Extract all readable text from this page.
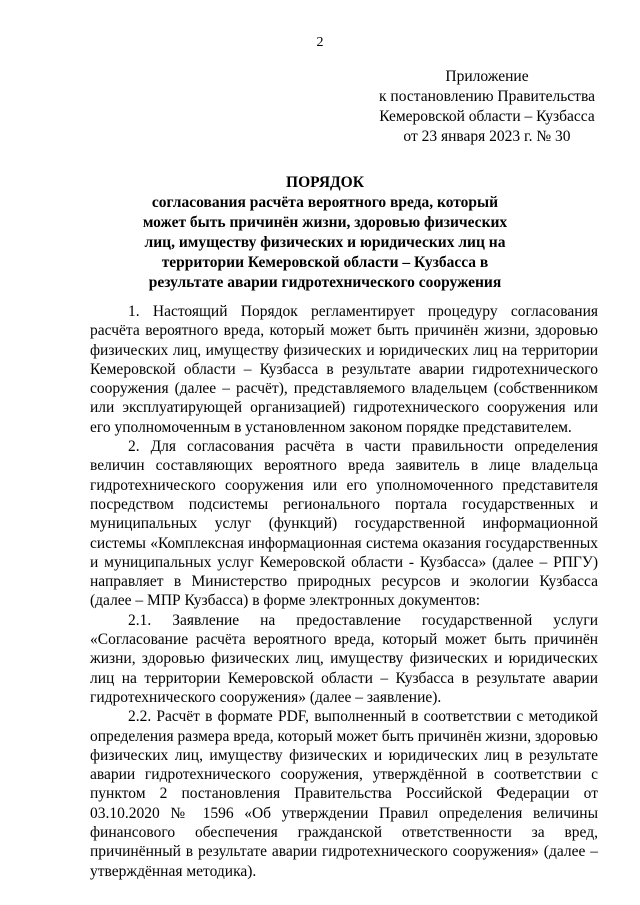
2
Приложение
к постановлению Правительства
Кемеровской области – Кузбасса
от 23 января 2023 г. № 30
ПОРЯДОК
согласования расчёта вероятного вреда, который
может быть причинён жизни, здоровью физических
лиц, имуществу физических и юридических лиц на
территории Кемеровской области – Кузбасса в
результате аварии гидротехнического сооружения

1. Настоящий Порядок регламентирует процедуру согласования расчёта вероятного вреда, который может быть причинён жизни, здоровью физических лиц, имуществу физических и юридических лиц на территории Кемеровской области – Кузбасса в результате аварии гидротехнического сооружения (далее – расчёт), представляемого владельцем (собственником или эксплуатирующей организацией) гидротехнического сооружения или его уполномоченным в установленном законом порядке представителем.

2. Для согласования расчёта в части правильности определения величин составляющих вероятного вреда заявитель в лице владельца гидротехнического сооружения или его уполномоченного представителя посредством подсистемы регионального портала государственных и муниципальных услуг (функций) государственной информационной системы «Комплексная информационная система оказания государственных и муниципальных услуг Кемеровской области - Кузбасса» (далее – РПГУ) направляет в Министерство природных ресурсов и экологии Кузбасса (далее – МПР Кузбасса) в форме электронных документов:

2.1. Заявление на предоставление государственной услуги «Согласование расчёта вероятного вреда, который может быть причинён жизни, здоровью физических лиц, имуществу физических и юридических лиц на территории Кемеровской области – Кузбасса в результате аварии гидротехнического сооружения» (далее – заявление).

2.2. Расчёт в формате PDF, выполненный в соответствии с методикой определения размера вреда, который может быть причинён жизни, здоровью физических лиц, имуществу физических и юридических лиц в результате аварии гидротехнического сооружения, утверждённой в соответствии с пунктом 2 постановления Правительства Российской Федерации от 03.10.2020 № 1596 «Об утверждении Правил определения величины финансового обеспечения гражданской ответственности за вред, причинённый в результате аварии гидротехнического сооружения» (далее – утверждённая методика).
